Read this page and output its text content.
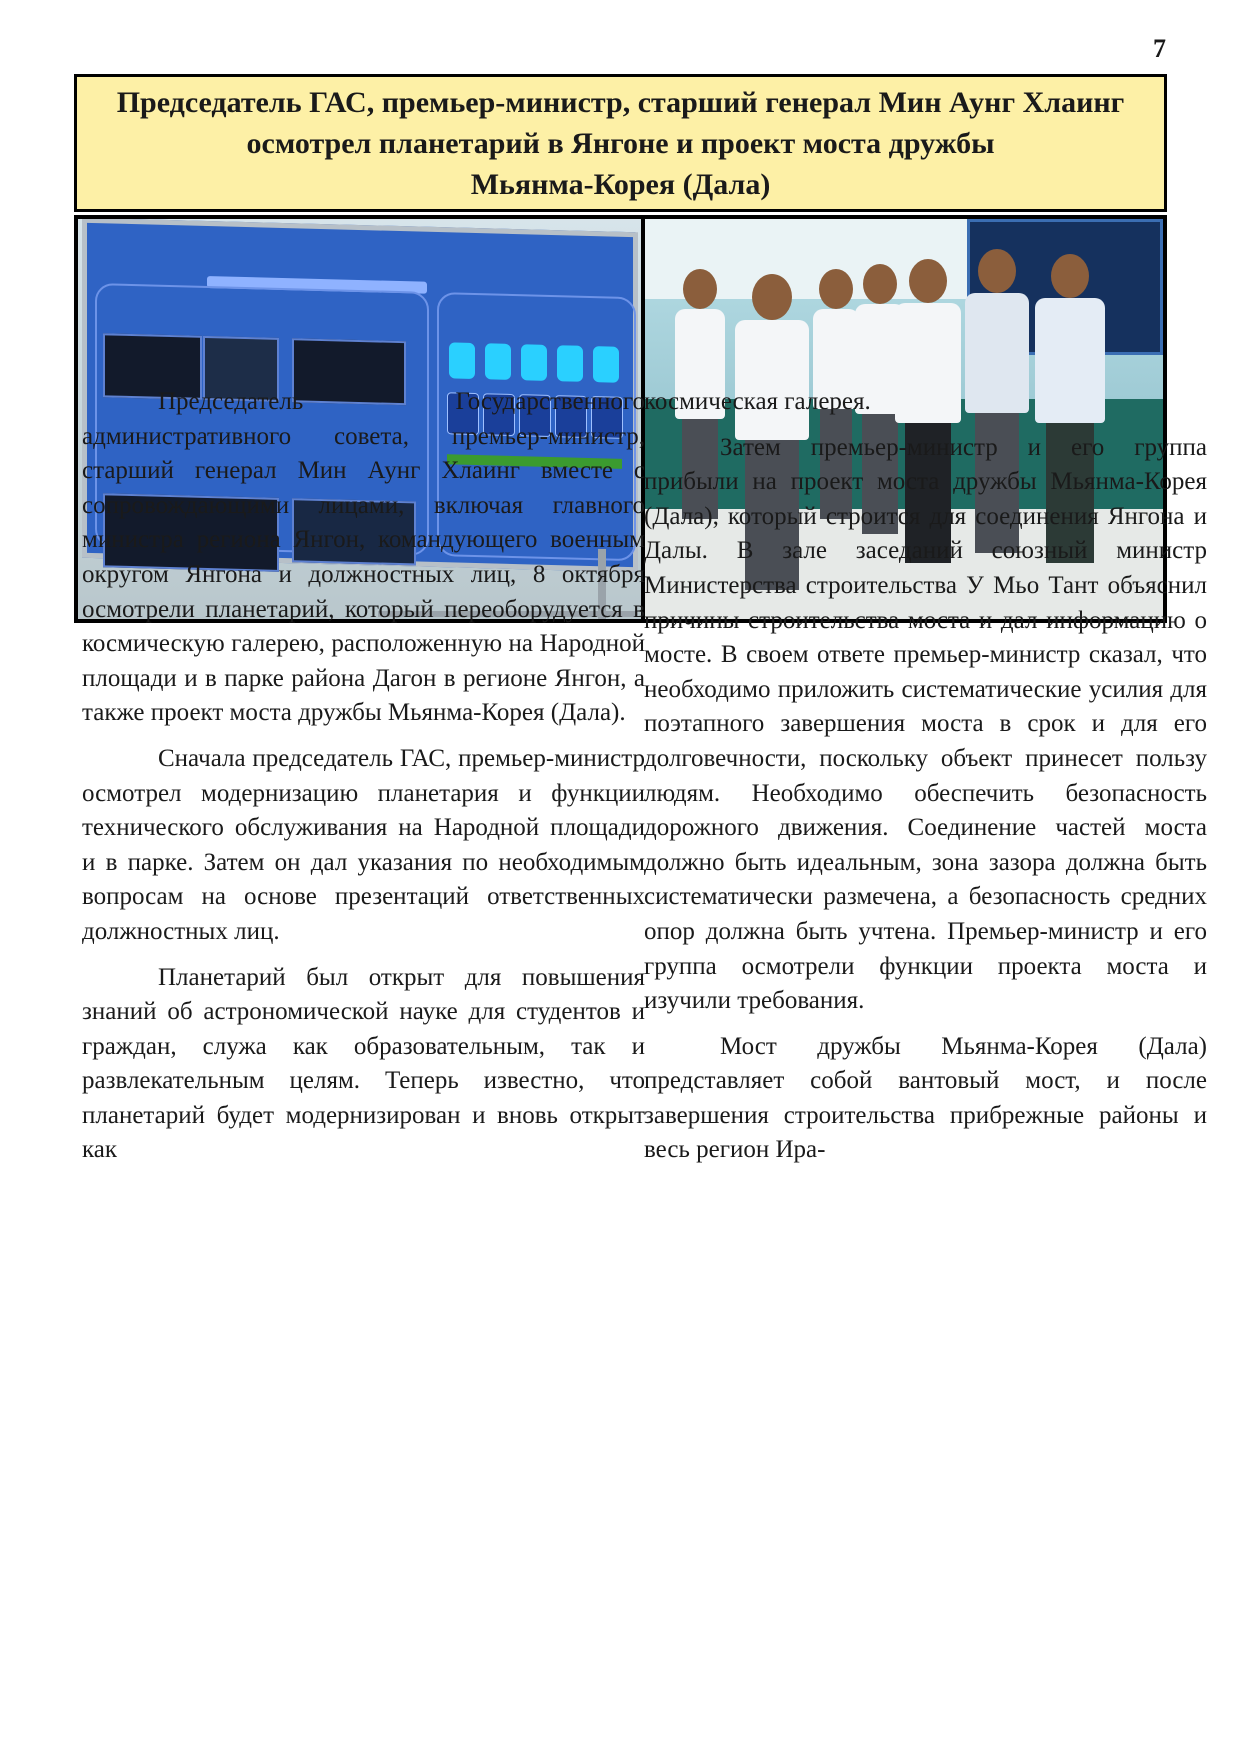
7
Председатель ГАС, премьер-министр, старший генерал Мин Аунг Хлаинг
осмотрел планетарий в Янгоне и проект моста дружбы
Мьянма-Корея (Дала)

Председатель Государственного административного совета, премьер-министр, старший генерал Мин Аунг Хлаинг вместе с сопровождающими лицами, включая главного министра региона Янгон, командующего военным округом Янгона и должностных лиц, 8 октября осмотрели планетарий, который переоборудуется в космическую галерею, расположенную на Народной площади и в парке района Дагон в регионе Янгон, а также проект моста дружбы Мьянма-Корея (Дала).

Сначала председатель ГАС, премьер-министр осмотрел модернизацию планетария и функции технического обслуживания на Народной площади и в парке. Затем он дал указания по необходимым вопросам на основе презентаций ответственных должностных лиц.

Планетарий был открыт для повышения знаний об астрономической науке для студентов и граждан, служа как образовательным, так и развлекательным целям. Теперь известно, что планетарий будет модернизирован и вновь открыт как

космическая галерея.

Затем премьер-министр и его группа прибыли на проект моста дружбы Мьянма-Корея (Дала), который строится для соединения Янгона и Далы. В зале заседаний союзный министр Министерства строительства У Мьо Тант объяснил причины строительства моста и дал информацию о мосте. В своем ответе премьер-министр сказал, что необходимо приложить систематические усилия для поэтапного завершения моста в срок и для его долговечности, поскольку объект принесет пользу людям. Необходимо обеспечить безопасность дорожного движения. Соединение частей моста должно быть идеальным, зона зазора должна быть систематически размечена, а безопасность средних опор должна быть учтена. Премьер-министр и его группа осмотрели функции проекта моста и изучили требования.

Мост дружбы Мьянма-Корея (Дала) представляет собой вантовый мост, и после завершения строительства прибрежные районы и весь регион Ира-
